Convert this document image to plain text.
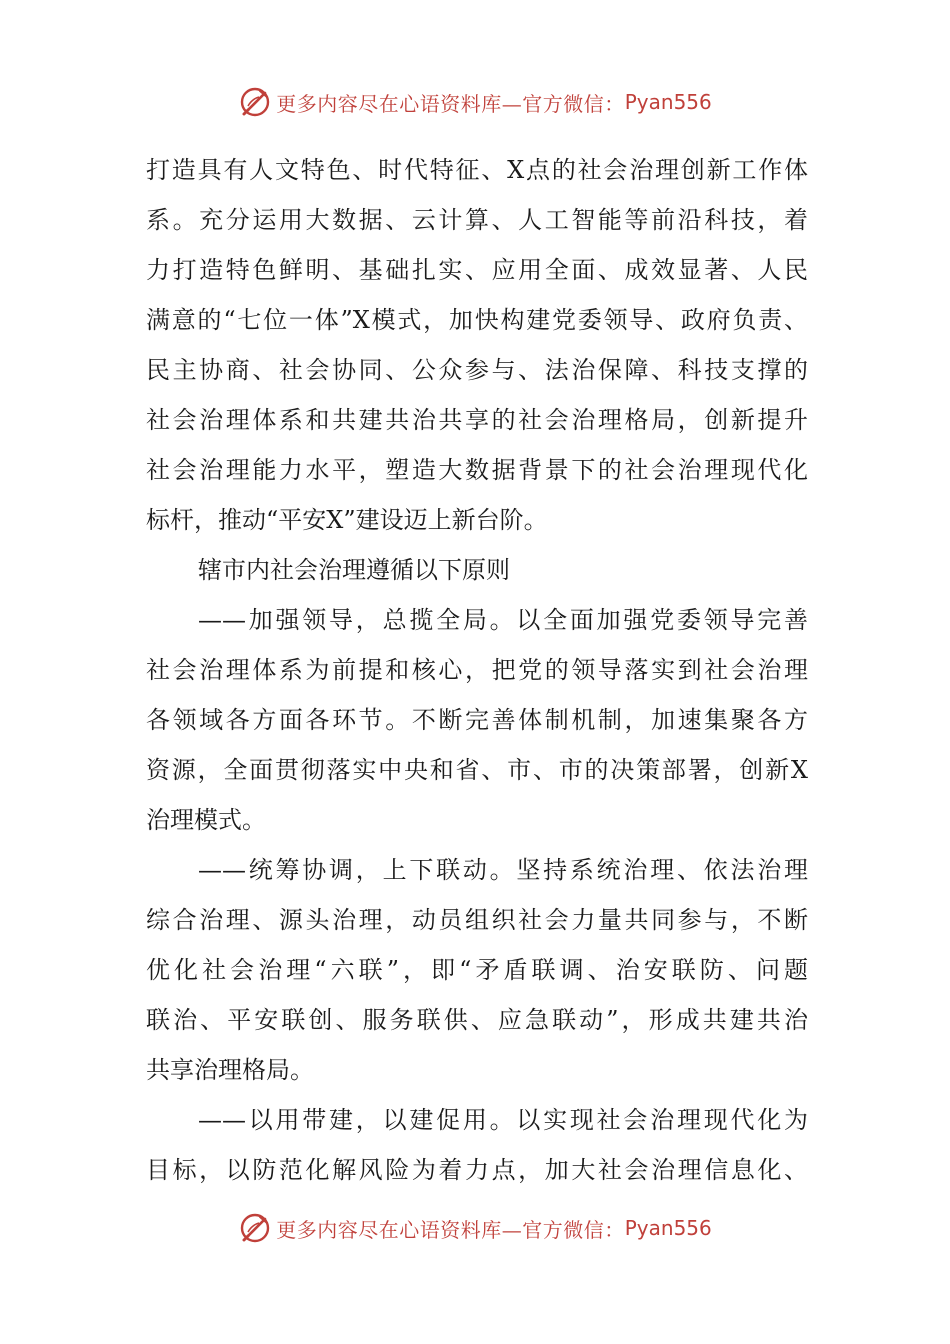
更多内容尽在心语资料库—官方微信： Pyan556
打造具有人文特色、时代特征、X点的社会治理创新工作体
系。充分运用大数据、云计算、人工智能等前沿科技，着
力打造特色鲜明、基础扎实、应用全面、成效显著、人民
满意的“七位一体”X模式，加快构建党委领导、政府负责、
民主协商、社会协同、公众参与、法治保障、科技支撑的
社会治理体系和共建共治共享的社会治理格局，创新提升
社会治理能力水平，塑造大数据背景下的社会治理现代化
标杆，推动“平安X”建设迈上新台阶。
辖市内社会治理遵循以下原则
——加强领导，总揽全局。以全面加强党委领导完善
社会治理体系为前提和核心，把党的领导落实到社会治理
各领域各方面各环节。不断完善体制机制，加速集聚各方
资源，全面贯彻落实中央和省、市、市的决策部署，创新X
治理模式。
——统筹协调，上下联动。坚持系统治理、依法治理
综合治理、源头治理，动员组织社会力量共同参与，不断
优化社会治理“六联”，即“矛盾联调、治安联防、问题
联治、平安联创、服务联供、应急联动”，形成共建共治
共享治理格局。
——以用带建，以建促用。以实现社会治理现代化为
目标，以防范化解风险为着力点，加大社会治理信息化、
更多内容尽在心语资料库—官方微信： Pyan556
